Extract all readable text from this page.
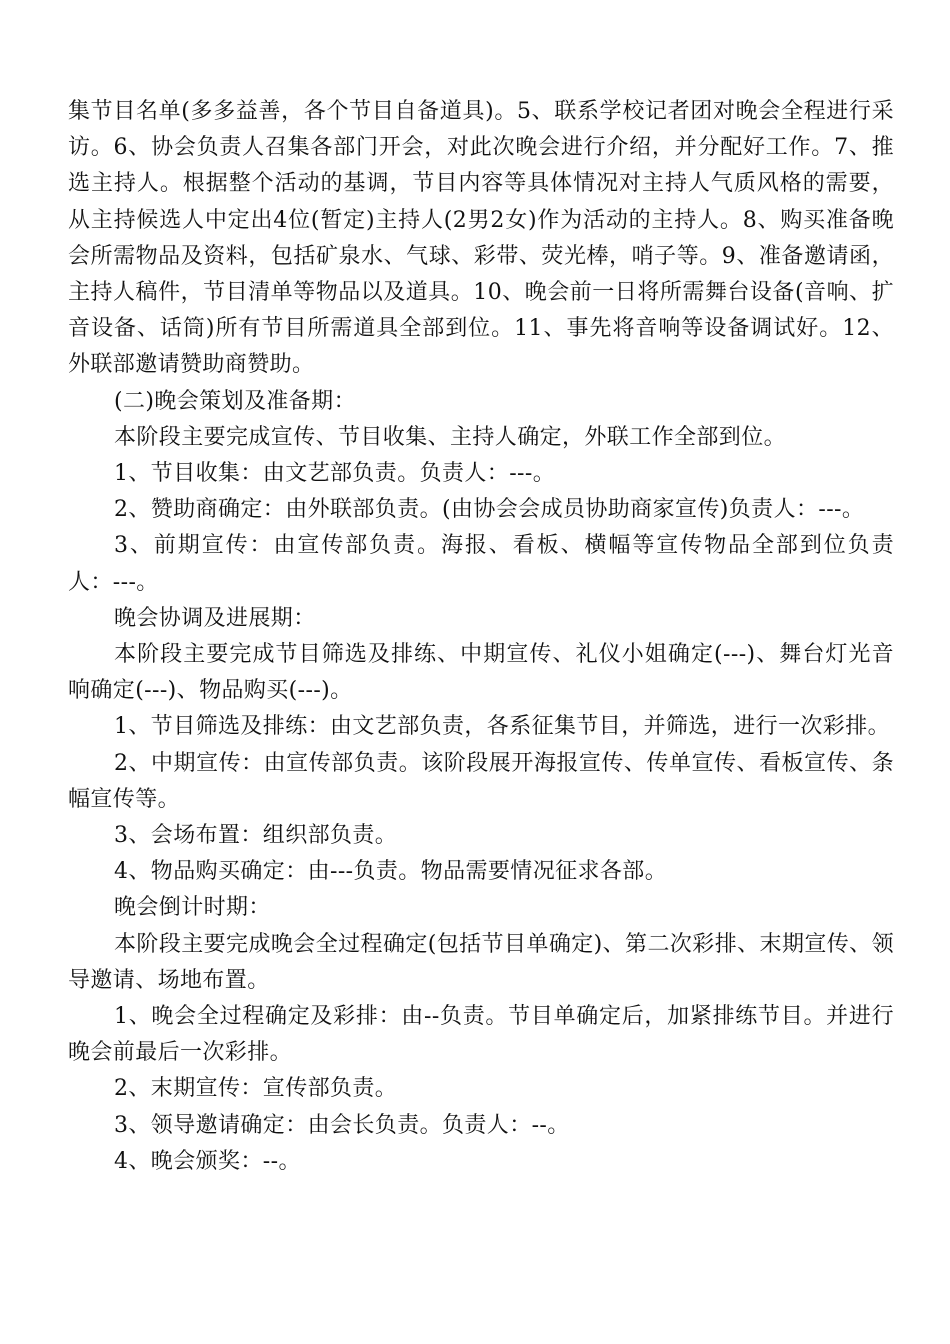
集节目名单(多多益善，各个节目自备道具)。5、联系学校记者团对晚会全程进行采访。6、协会负责人召集各部门开会，对此次晚会进行介绍，并分配好工作。7、推选主持人。根据整个活动的基调，节目内容等具体情况对主持人气质风格的需要，从主持候选人中定出4位(暂定)主持人(2男2女)作为活动的主持人。8、购买准备晚会所需物品及资料，包括矿泉水、气球、彩带、荧光棒，哨子等。9、准备邀请函，主持人稿件，节目清单等物品以及道具。10、晚会前一日将所需舞台设备(音响、扩音设备、话筒)所有节目所需道具全部到位。11、事先将音响等设备调试好。12、外联部邀请赞助商赞助。

(二)晚会策划及准备期：

本阶段主要完成宣传、节目收集、主持人确定，外联工作全部到位。

1、节目收集：由文艺部负责。负责人：---。

2、赞助商确定：由外联部负责。(由协会会成员协助商家宣传)负责人：---。

3、前期宣传：由宣传部负责。海报、看板、横幅等宣传物品全部到位负责人：---。

晚会协调及进展期：

本阶段主要完成节目筛选及排练、中期宣传、礼仪小姐确定(---)、舞台灯光音响确定(---)、物品购买(---)。

1、节目筛选及排练：由文艺部负责，各系征集节目，并筛选，进行一次彩排。

2、中期宣传：由宣传部负责。该阶段展开海报宣传、传单宣传、看板宣传、条幅宣传等。

3、会场布置：组织部负责。

4、物品购买确定：由---负责。物品需要情况征求各部。

晚会倒计时期：

本阶段主要完成晚会全过程确定(包括节目单确定)、第二次彩排、末期宣传、领导邀请、场地布置。

1、晚会全过程确定及彩排：由--负责。节目单确定后，加紧排练节目。并进行晚会前最后一次彩排。

2、末期宣传：宣传部负责。

3、领导邀请确定：由会长负责。负责人：--。

4、晚会颁奖：--。
